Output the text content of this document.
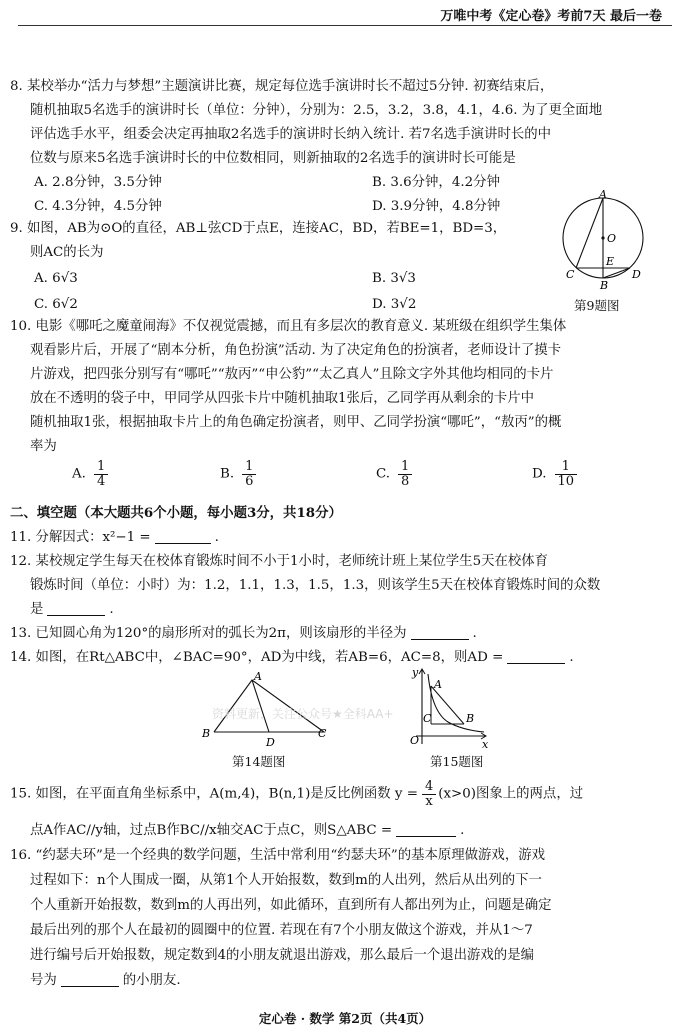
万唯中考《定心卷》考前7天 最后一卷
8. 某校举办“活力与梦想”主题演讲比赛，规定每位选手演讲时长不超过5分钟. 初赛结束后，
随机抽取5名选手的演讲时长（单位：分钟），分别为：2.5，3.2，3.8，4.1，4.6. 为了更全面地
评估选手水平，组委会决定再抽取2名选手的演讲时长纳入统计. 若7名选手演讲时长的中
位数与原来5名选手演讲时长的中位数相同，则新抽取的2名选手的演讲时长可能是
A. 2.8分钟，3.5分钟	B. 3.6分钟，4.2分钟
C. 4.3分钟，4.5分钟	D. 3.9分钟，4.8分钟
9. 如图，AB为⊙O的直径，AB⊥弦CD于点E，连接AC，BD，若BE=1，BD=3，
则AC的长为
A. 6√3	B. 3√3
C. 6√2	D. 3√2
A
O
E
C
B
D
第9题图
10. 电影《哪吒之魔童闹海》不仅视觉震撼，而且有多层次的教育意义. 某班级在组织学生集体
观看影片后，开展了“剧本分析，角色扮演”活动. 为了决定角色的扮演者，老师设计了摸卡
片游戏，把四张分别写有“哪吒”“敖丙”“申公豹”“太乙真人”且除文字外其他均相同的卡片
放在不透明的袋子中，甲同学从四张卡片中随机抽取1张后，乙同学再从剩余的卡片中
随机抽取1张，根据抽取卡片上的角色确定扮演者，则甲、乙同学扮演“哪吒”，“敖丙”的概
率为
A. $\frac{1}{4}$	B. $\frac{1}{6}$	C. $\frac{1}{8}$	D. $\frac{1}{10}$
二、填空题（本大题共6个小题，每小题3分，共18分）
11. 分解因式：x²−1 =	.
12. 某校规定学生每天在校体育锻炼时间不小于1小时，老师统计班上某位学生5天在校体育
锻炼时间（单位：小时）为：1.2，1.1，1.3，1.5，1.3，则该学生5天在校体育锻炼时间的众数
是	.
13. 已知圆心角为120°的扇形所对的弧长为2π，则该扇形的半径为	.
14. 如图，在Rt△ABC中，∠BAC=90°，AD为中线，若AB=6，AC=8，则AD =	.
A
B
D
C
第14题图
y
A
C	B
O	x
第15题图
资料更新，关注公众号★全科AA+
15. 如图，在平面直角坐标系中，A(m,4)，B(n,1)是反比例函数 $y = \frac{4}{x} (x>0)$图象上的两点，过
点A作AC//y轴，过点B作BC//x轴交AC于点C，则S△ABC =	.
16. “约瑟夫环”是一个经典的数学问题，生活中常利用“约瑟夫环”的基本原理做游戏，游戏
过程如下：n个人围成一圈，从第1个人开始报数，数到m的人出列，然后从出列的下一
个人重新开始报数，数到m的人再出列，如此循环，直到所有人都出列为止，问题是确定
最后出列的那个人在最初的圆圈中的位置. 若现在有7个小朋友做这个游戏，并从1～7
进行编号后开始报数，规定数到4的小朋友就退出游戏，那么最后一个退出游戏的是编
号为	的小朋友.
定心卷 · 数学 第2页（共4页）
